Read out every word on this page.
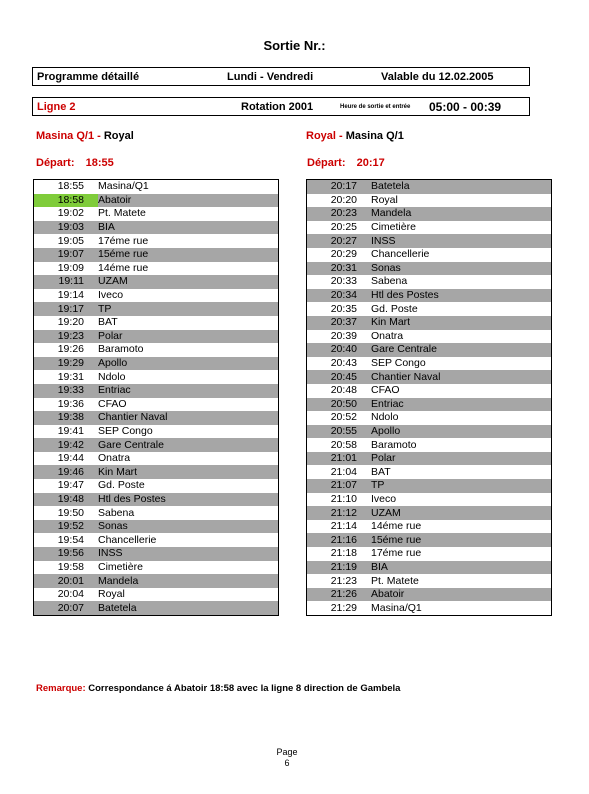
Sortie Nr.:
Programme détaillé	Lundi - Vendredi	Valable du 12.02.2005
Ligne 2	Rotation 2001	Heure de sortie et entrée 05:00 - 00:39
Masina Q/1 - Royal	Royal - Masina Q/1
Départ: 18:55	Départ: 20:17
18:55	Masina/Q1
18:58	Abatoir
19:02	Pt. Matete
19:03	BIA
19:05	17éme rue
19:07	15éme rue
19:09	14éme rue
19:11	UZAM
19:14	Iveco
19:17	TP
19:20	BAT
19:23	Polar
19:26	Baramoto
19:29	Apollo
19:31	Ndolo
19:33	Entriac
19:36	CFAO
19:38	Chantier Naval
19:41	SEP Congo
19:42	Gare Centrale
19:44	Onatra
19:46	Kin Mart
19:47	Gd. Poste
19:48	Htl des Postes
19:50	Sabena
19:52	Sonas
19:54	Chancellerie
19:56	INSS
19:58	Cimetière
20:01	Mandela
20:04	Royal
20:07	Batetela
20:17	Batetela
20:20	Royal
20:23	Mandela
20:25	Cimetière
20:27	INSS
20:29	Chancellerie
20:31	Sonas
20:33	Sabena
20:34	Htl des Postes
20:35	Gd. Poste
20:37	Kin Mart
20:39	Onatra
20:40	Gare Centrale
20:43	SEP Congo
20:45	Chantier Naval
20:48	CFAO
20:50	Entriac
20:52	Ndolo
20:55	Apollo
20:58	Baramoto
21:01	Polar
21:04	BAT
21:07	TP
21:10	Iveco
21:12	UZAM
21:14	14éme rue
21:16	15éme rue
21:18	17éme rue
21:19	BIA
21:23	Pt. Matete
21:26	Abatoir
21:29	Masina/Q1
Remarque: Correspondance á Abatoir 18:58 avec la ligne 8 direction de Gambela
Page
6
